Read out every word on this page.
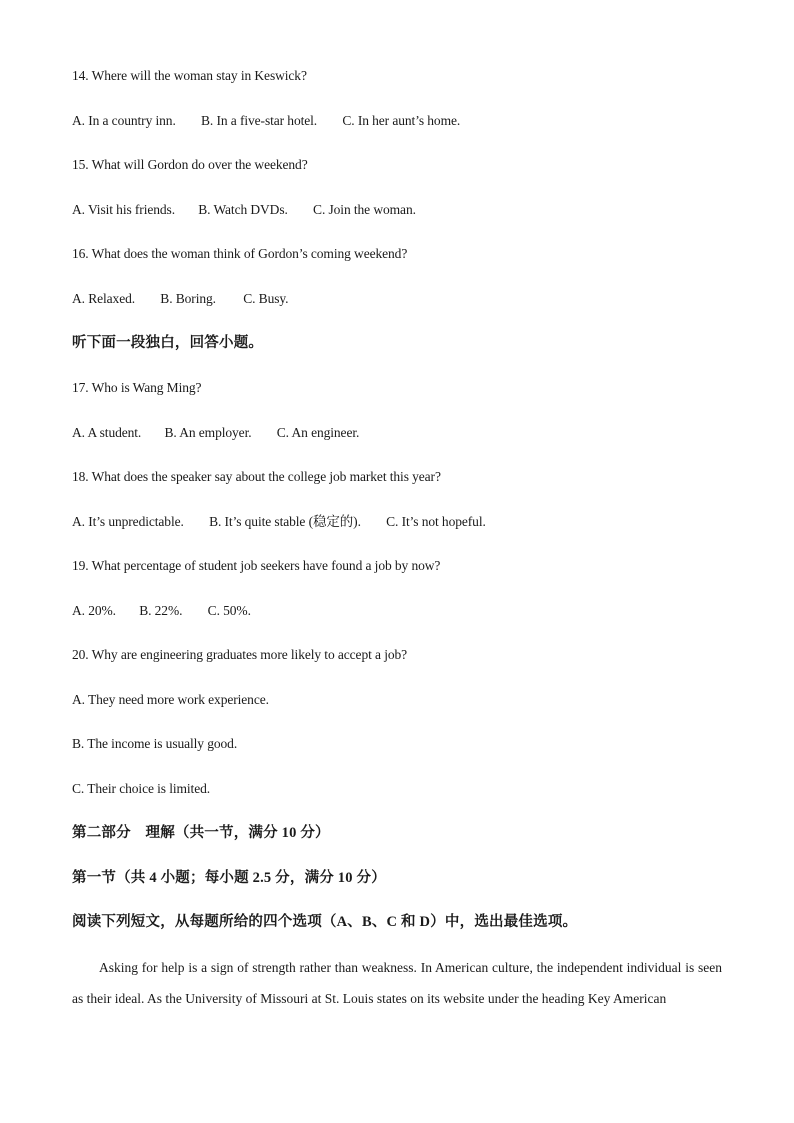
14. Where will the woman stay in Keswick?
A. In a country inn. B. In a five-star hotel. C. In her aunt’s home.
15. What will Gordon do over the weekend?
A. Visit his friends. B. Watch DVDs. C. Join the woman.
16. What does the woman think of Gordon’s coming weekend?
A. Relaxed. B. Boring. C. Busy.
听下面一段独白，回答小题。
17. Who is Wang Ming?
A. A student. B. An employer. C. An engineer.
18. What does the speaker say about the college job market this year?
A. It’s unpredictable. B. It’s quite stable (稳定的). C. It’s not hopeful.
19. What percentage of student job seekers have found a job by now?
A. 20%. B. 22%. C. 50%.
20. Why are engineering graduates more likely to accept a job?
A. They need more work experience.
B. The income is usually good.
C. Their choice is limited.
第二部分　理解（共一节，满分 10 分）
第一节（共 4 小题；每小题 2.5 分，满分 10 分）
阅读下列短文，从每题所给的四个选项（A、B、C 和 D）中，选出最佳选项。
Asking for help is a sign of strength rather than weakness. In American culture, the independent individual is seen as their ideal. As the University of Missouri at St. Louis states on its website under the heading Key American
